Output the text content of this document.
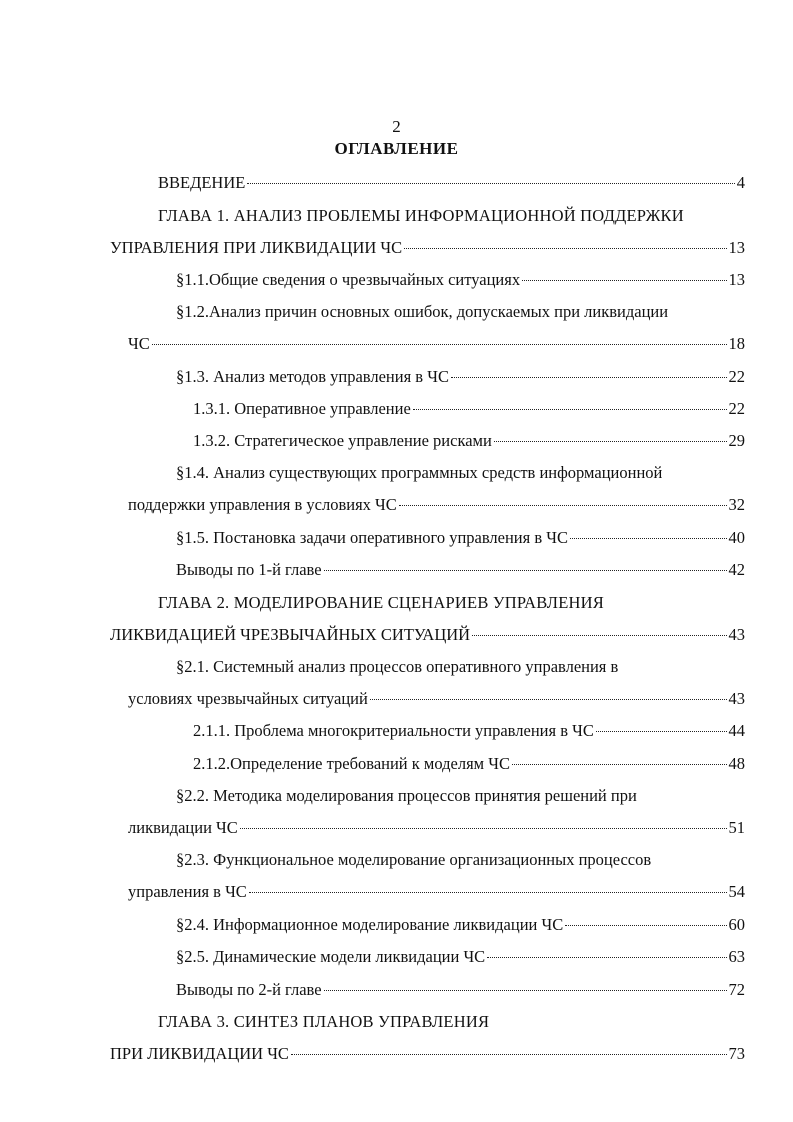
2
ОГЛАВЛЕНИЕ
ВВЕДЕНИЕ	4
ГЛАВА 1. АНАЛИЗ ПРОБЛЕМЫ ИНФОРМАЦИОННОЙ ПОДДЕРЖКИ
УПРАВЛЕНИЯ ПРИ ЛИКВИДАЦИИ ЧС	13
§1.1.Общие сведения о чрезвычайных ситуациях	13
§1.2.Анализ причин основных ошибок, допускаемых при ликвидации
ЧС	18
§1.3. Анализ методов управления в ЧС	22
1.3.1. Оперативное управление	22
1.3.2. Стратегическое управление рисками	29
§1.4. Анализ существующих программных средств информационной
поддержки управления в условиях ЧС	32
§1.5. Постановка задачи оперативного управления в ЧС	40
Выводы по 1-й главе	42
ГЛАВА 2. МОДЕЛИРОВАНИЕ СЦЕНАРИЕВ УПРАВЛЕНИЯ
ЛИКВИДАЦИЕЙ ЧРЕЗВЫЧАЙНЫХ СИТУАЦИЙ	43
§2.1. Системный анализ процессов оперативного управления в
условиях чрезвычайных ситуаций	43
2.1.1. Проблема многокритериальности управления в ЧС	44
2.1.2.Определение требований к моделям ЧС	48
§2.2. Методика моделирования процессов принятия решений при
ликвидации ЧС	51
§2.3. Функциональное моделирование организационных процессов
управления в ЧС	54
§2.4. Информационное моделирование ликвидации ЧС	60
§2.5. Динамические модели ликвидации ЧС	63
Выводы по 2-й главе	72
ГЛАВА 3. СИНТЕЗ ПЛАНОВ УПРАВЛЕНИЯ
ПРИ ЛИКВИДАЦИИ ЧС	73
